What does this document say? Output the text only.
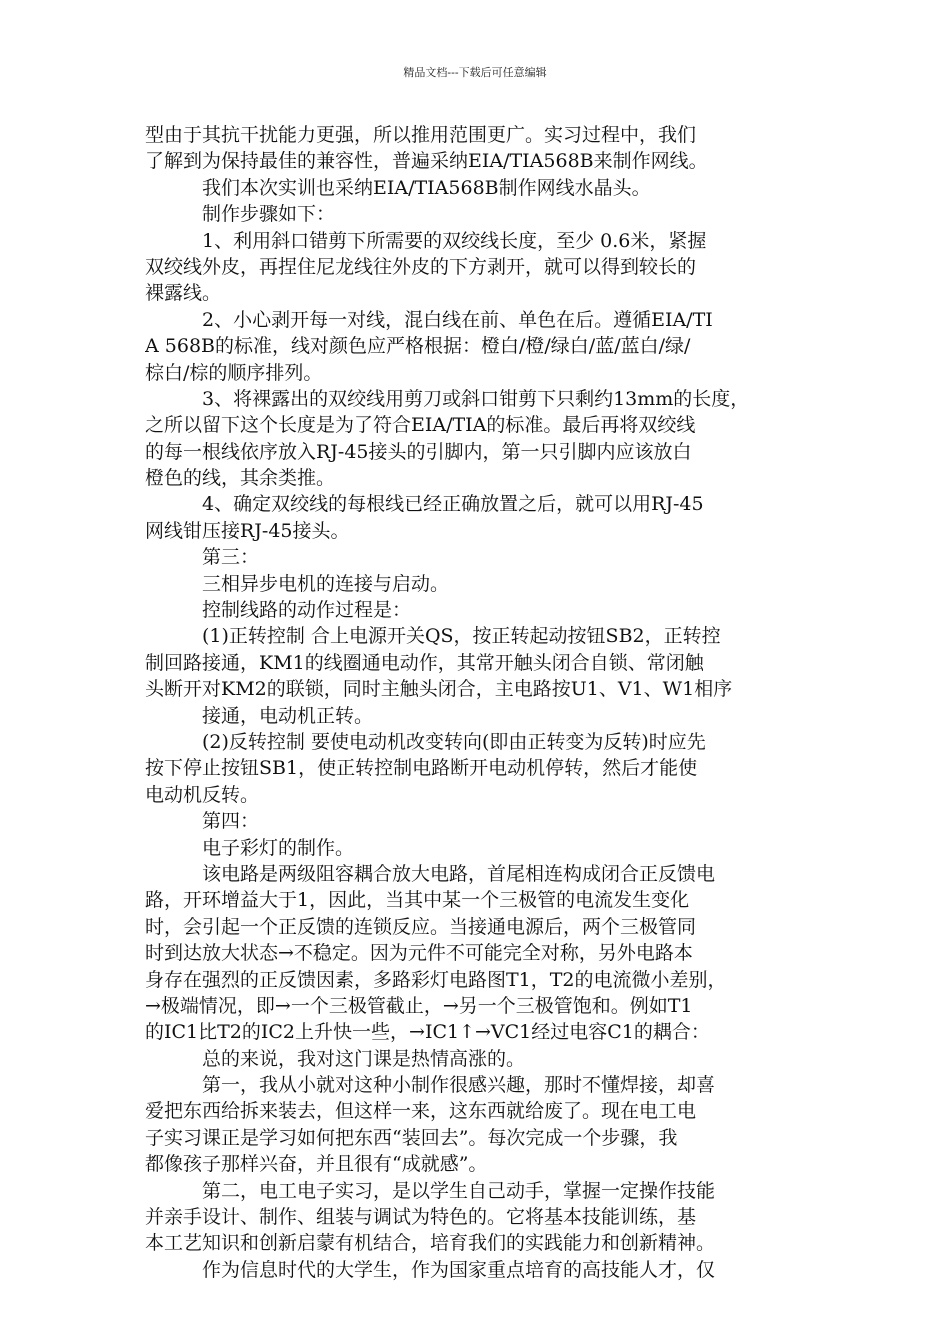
精品文档---下载后可任意编辑
型由于其抗干扰能力更强，所以推用范围更广。实习过程中，我们
了解到为保持最佳的兼容性，普遍采纳EIA/TIA568B来制作网线。
我们本次实训也采纳EIA/TIA568B制作网线水晶头。
制作步骤如下：
1、利用斜口错剪下所需要的双绞线长度，至少 0.6米，紧握
双绞线外皮，再捏住尼龙线往外皮的下方剥开，就可以得到较长的
裸露线。
2、小心剥开每一对线，混白线在前、单色在后。遵循EIA/TI
A 568B的标准，线对颜色应严格根据：橙白/橙/绿白/蓝/蓝白/绿/
棕白/棕的顺序排列。
3、将裸露出的双绞线用剪刀或斜口钳剪下只剩约13mm的长度，
之所以留下这个长度是为了符合EIA/TIA的标准。最后再将双绞线
的每一根线依序放入RJ-45接头的引脚内，第一只引脚内应该放白
橙色的线，其余类推。
4、确定双绞线的每根线已经正确放置之后，就可以用RJ-45
网线钳压接RJ-45接头。
第三：
三相异步电机的连接与启动。
控制线路的动作过程是：
(1)正转控制 合上电源开关QS，按正转起动按钮SB2，正转控
制回路接通，KM1的线圈通电动作，其常开触头闭合自锁、常闭触
头断开对KM2的联锁，同时主触头闭合，主电路按U1、V1、W1相序
接通，电动机正转。
(2)反转控制 要使电动机改变转向(即由正转变为反转)时应先
按下停止按钮SB1，使正转控制电路断开电动机停转，然后才能使
电动机反转。
第四：
电子彩灯的制作。
该电路是两级阻容耦合放大电路，首尾相连构成闭合正反馈电
路，开环增益大于1，因此，当其中某一个三极管的电流发生变化
时，会引起一个正反馈的连锁反应。当接通电源后，两个三极管同
时到达放大状态→不稳定。因为元件不可能完全对称，另外电路本
身存在强烈的正反馈因素，多路彩灯电路图T1，T2的电流微小差别，
→极端情况，即→一个三极管截止，→另一个三极管饱和。例如T1
的IC1比T2的IC2上升快一些，→IC1↑→VC1经过电容C1的耦合：
总的来说，我对这门课是热情高涨的。
第一，我从小就对这种小制作很感兴趣，那时不懂焊接，却喜
爱把东西给拆来装去，但这样一来，这东西就给废了。现在电工电
子实习课正是学习如何把东西“装回去”。每次完成一个步骤，我
都像孩子那样兴奋，并且很有“成就感”。
第二，电工电子实习，是以学生自己动手，掌握一定操作技能
并亲手设计、制作、组装与调试为特色的。它将基本技能训练，基
本工艺知识和创新启蒙有机结合，培育我们的实践能力和创新精神。
作为信息时代的大学生，作为国家重点培育的高技能人才，仅
